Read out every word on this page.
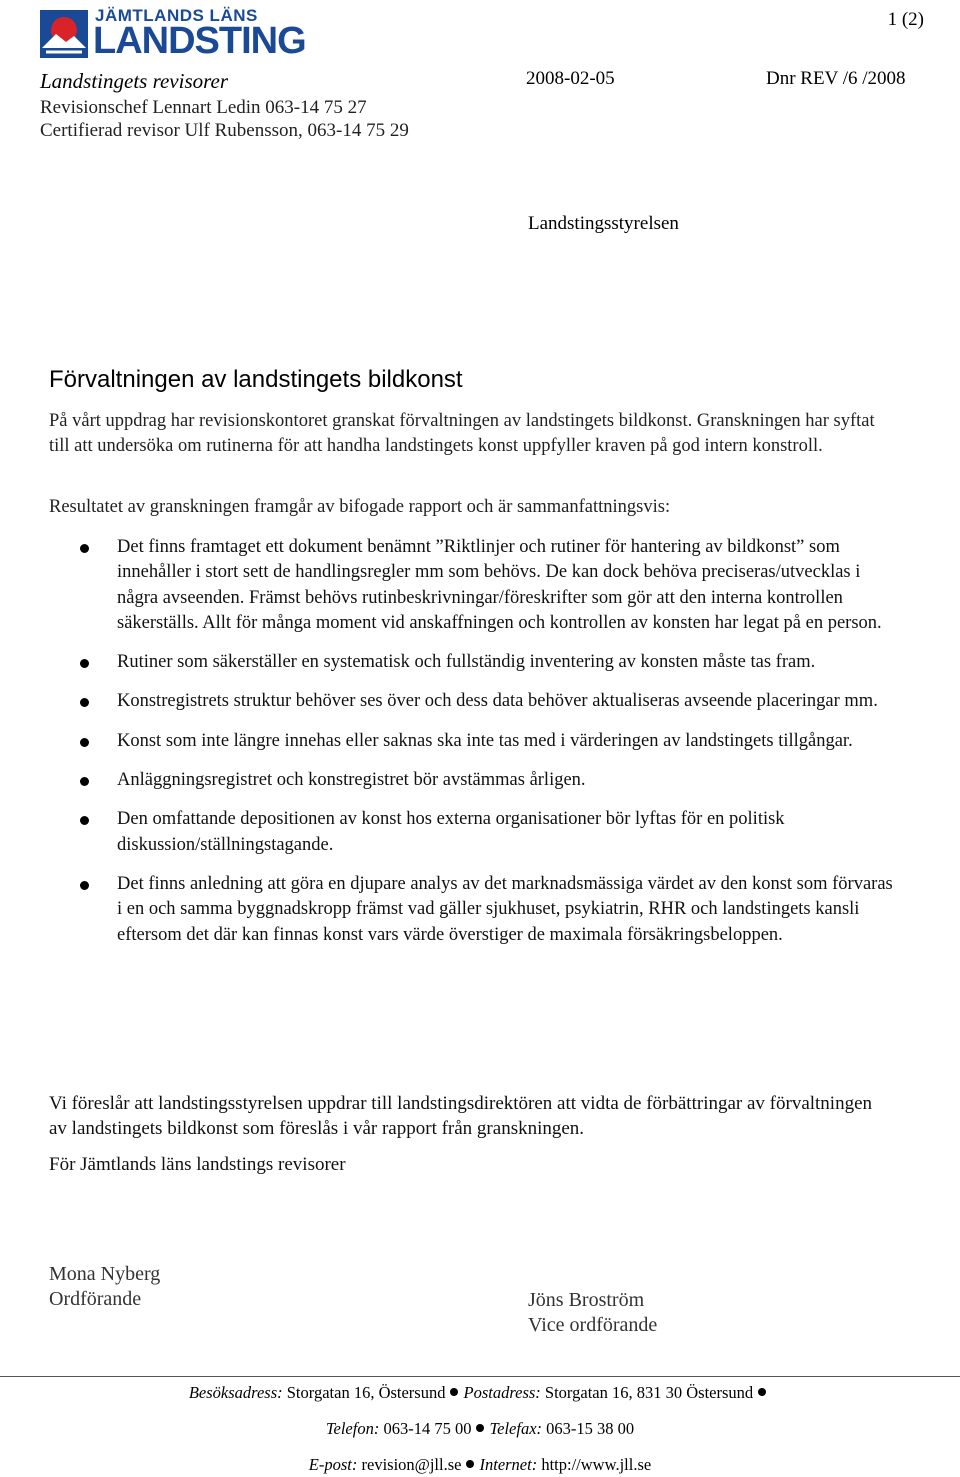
JÄMTLANDS LÄNS
LANDSTING
1 (2)
Landstingets revisorer
Revisionschef Lennart Ledin 063-14 75 27
Certifierad revisor Ulf Rubensson, 063-14 75 29
2008-02-05	Dnr REV /6 /2008
Landstingsstyrelsen
Förvaltningen av landstingets bildkonst
På vårt uppdrag har revisionskontoret granskat förvaltningen av landstingets bildkonst. Granskningen har syftat till att undersöka om rutinerna för att handha landstingets konst uppfyller kraven på god intern konstroll.
Resultatet av granskningen framgår av bifogade rapport och är sammanfattningsvis:
Det finns framtaget ett dokument benämnt ”Riktlinjer och rutiner för hantering av bildkonst” som innehåller i stort sett de handlingsregler mm som behövs. De kan dock behöva preciseras/utvecklas i några avseenden. Främst behövs rutinbeskrivningar/föreskrifter som gör att den interna kontrollen säkerställs. Allt för många moment vid anskaffningen och kontrollen av konsten har legat på en person.
Rutiner som säkerställer en systematisk och fullständig inventering av konsten måste tas fram.
Konstregistrets struktur behöver ses över och dess data behöver aktualiseras avseende placeringar mm.
Konst som inte längre innehas eller saknas ska inte tas med i värderingen av landstingets tillgångar.
Anläggningsregistret och konstregistret bör avstämmas årligen.
Den omfattande depositionen av konst hos externa organisationer bör lyftas för en politisk diskussion/ställningstagande.
Det finns anledning att göra en djupare analys av det marknadsmässiga värdet av den konst som förvaras i en och samma byggnadskropp främst vad gäller sjukhuset, psykiatrin, RHR och landstingets kansli eftersom det där kan finnas konst vars värde överstiger de maximala försäkringsbeloppen.
Vi föreslår att landstingsstyrelsen uppdrar till landstingsdirektören att vidta de förbättringar av förvaltningen av landstingets bildkonst som föreslås i vår rapport från granskningen.
För Jämtlands läns landstings revisorer
Mona Nyberg
Ordförande	Jöns Broström
Vice ordförande
Besöksadress: Storgatan 16, Östersund Postadress: Storgatan 16, 831 30 Östersund
Telefon: 063-14 75 00 Telefax: 063-15 38 00
E-post: revision@jll.se Internet: http://www.jll.se
